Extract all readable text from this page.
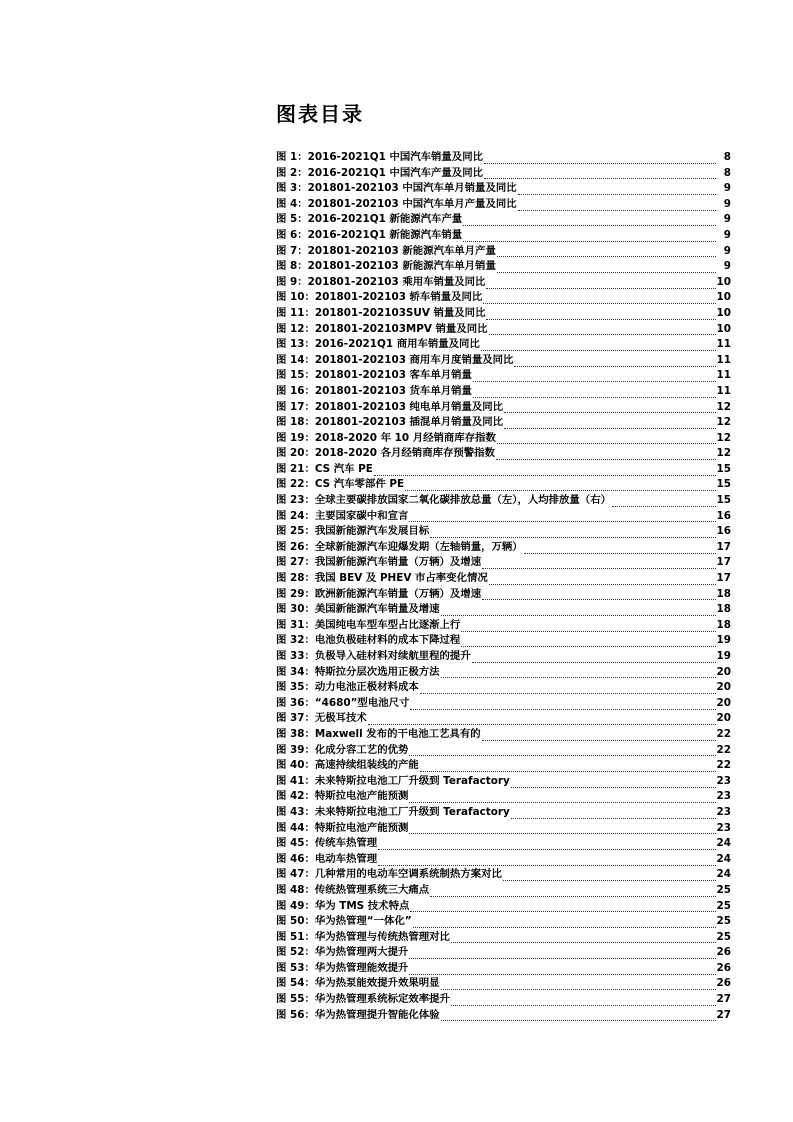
图表目录
图 1：2016-2021Q1 中国汽车销量及同比	8
图 2：2016-2021Q1 中国汽车产量及同比	8
图 3：201801-202103 中国汽车单月销量及同比	9
图 4：201801-202103 中国汽车单月产量及同比	9
图 5：2016-2021Q1 新能源汽车产量	9
图 6：2016-2021Q1 新能源汽车销量	9
图 7：201801-202103 新能源汽车单月产量	9
图 8：201801-202103 新能源汽车单月销量	9
图 9：201801-202103 乘用车销量及同比	10
图 10：201801-202103 轿车销量及同比	10
图 11：201801-202103SUV 销量及同比	10
图 12：201801-202103MPV 销量及同比	10
图 13：2016-2021Q1 商用车销量及同比	11
图 14：201801-202103 商用车月度销量及同比	11
图 15：201801-202103 客车单月销量	11
图 16：201801-202103 货车单月销量	11
图 17：201801-202103 纯电单月销量及同比	12
图 18：201801-202103 插混单月销量及同比	12
图 19：2018-2020 年 10 月经销商库存指数	12
图 20：2018-2020 各月经销商库存预警指数	12
图 21：CS 汽车 PE	15
图 22：CS 汽车零部件 PE	15
图 23：全球主要碳排放国家二氧化碳排放总量（左），人均排放量（右）	15
图 24：主要国家碳中和宣言	16
图 25：我国新能源汽车发展目标	16
图 26：全球新能源汽车迎爆发期（左轴销量，万辆）	17
图 27：我国新能源汽车销量（万辆）及增速	17
图 28：我国 BEV 及 PHEV 市占率变化情况	17
图 29：欧洲新能源汽车销量（万辆）及增速	18
图 30：美国新能源汽车销量及增速	18
图 31：美国纯电车型车型占比逐渐上行	18
图 32：电池负极硅材料的成本下降过程	19
图 33：负极导入硅材料对续航里程的提升	19
图 34：特斯拉分层次选用正极方法	20
图 35：动力电池正极材料成本	20
图 36：“4680”型电池尺寸	20
图 37：无极耳技术	20
图 38：Maxwell 发布的干电池工艺具有的	22
图 39：化成分容工艺的优势	22
图 40：高速持续组装线的产能	22
图 41：未来特斯拉电池工厂升级到 Terafactory	23
图 42：特斯拉电池产能预测	23
图 43：未来特斯拉电池工厂升级到 Terafactory	23
图 44：特斯拉电池产能预测	23
图 45：传统车热管理	24
图 46：电动车热管理	24
图 47：几种常用的电动车空调系统制热方案对比	24
图 48：传统热管理系统三大痛点	25
图 49：华为 TMS 技术特点	25
图 50：华为热管理“一体化”	25
图 51：华为热管理与传统热管理对比	25
图 52：华为热管理两大提升	26
图 53：华为热管理能效提升	26
图 54：华为热泵能效提升效果明显	26
图 55：华为热管理系统标定效率提升	27
图 56：华为热管理提升智能化体验	27
